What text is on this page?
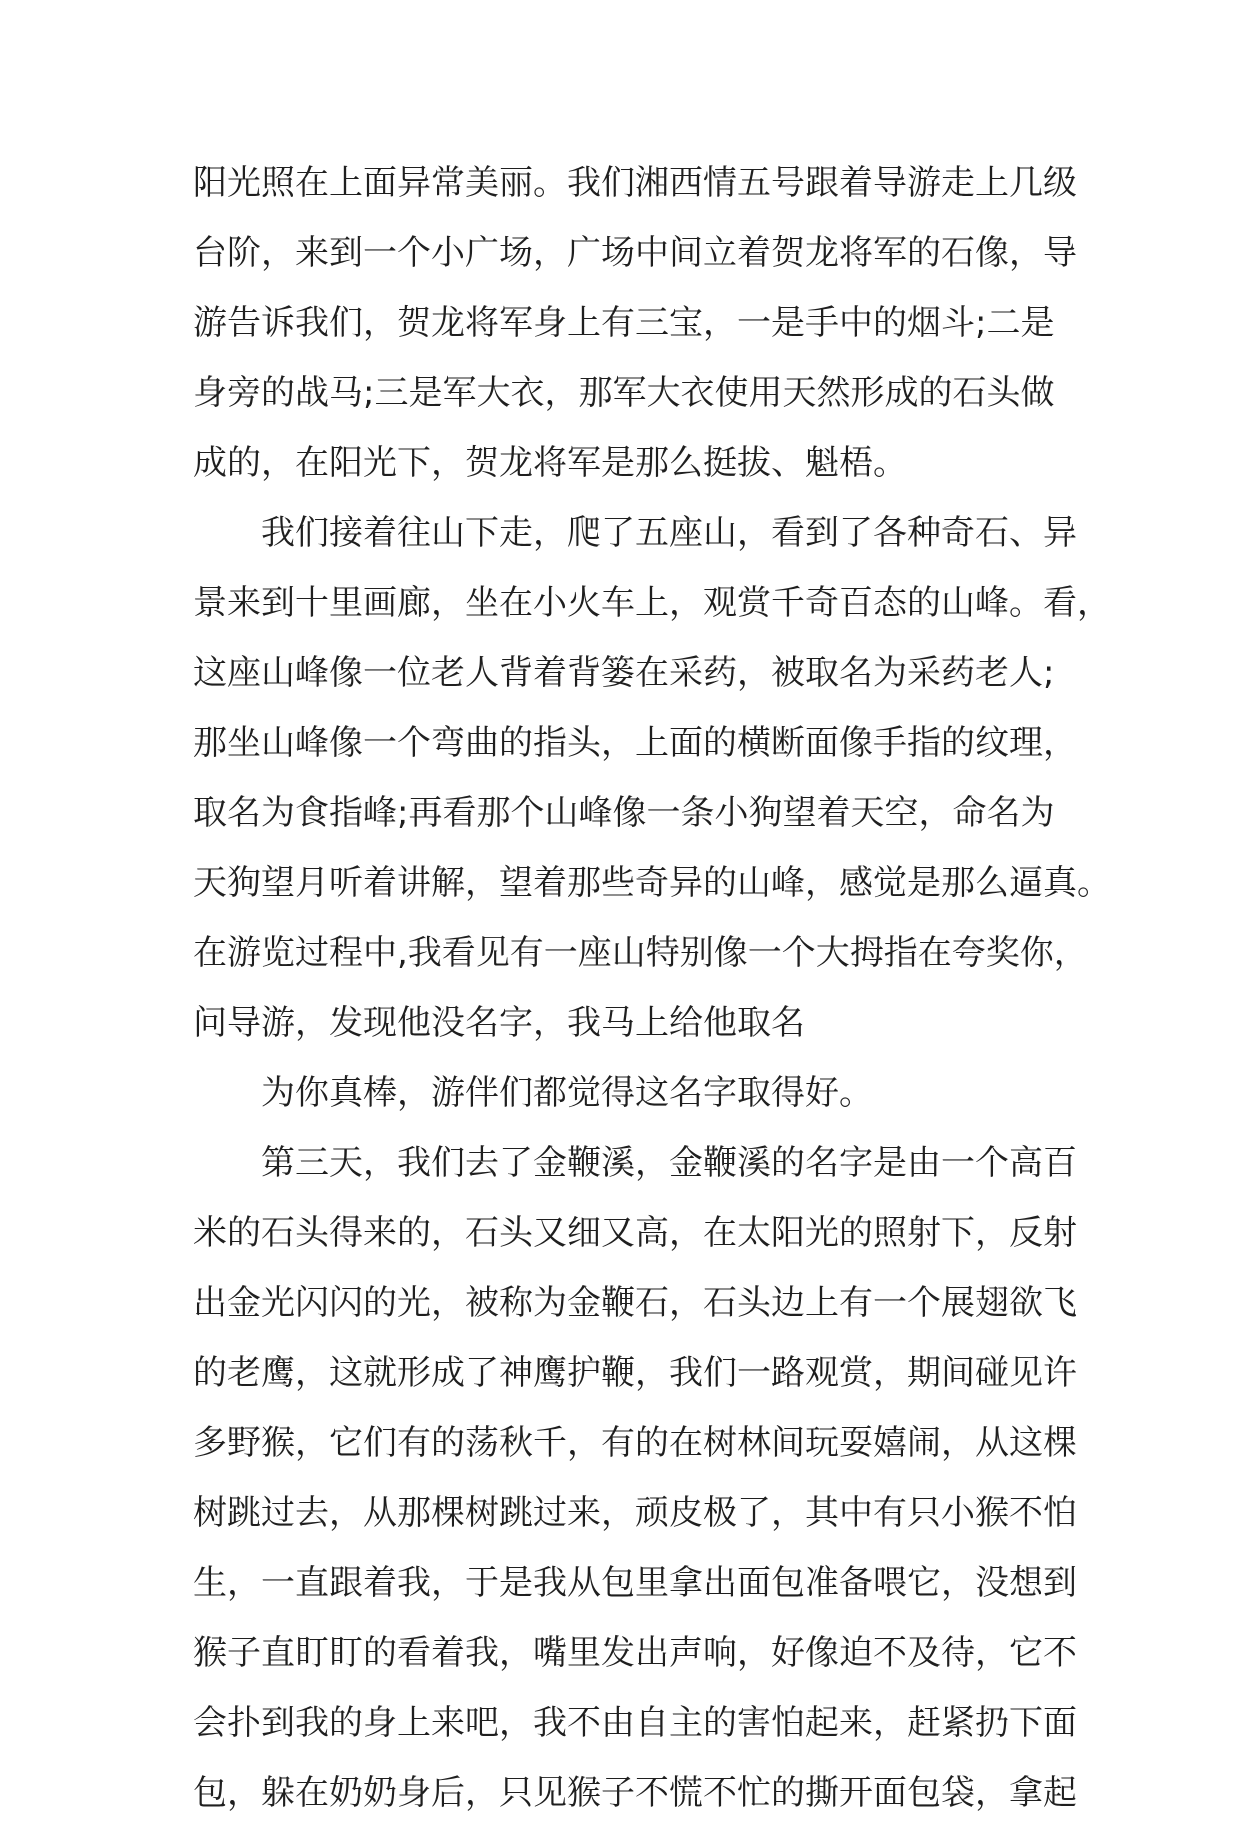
阳光照在上面异常美丽。我们湘西情五号跟着导游走上几级
台阶，来到一个小广场，广场中间立着贺龙将军的石像，导
游告诉我们，贺龙将军身上有三宝，一是手中的烟斗;二是
身旁的战马;三是军大衣，那军大衣使用天然形成的石头做
成的，在阳光下，贺龙将军是那么挺拔、魁梧。
我们接着往山下走，爬了五座山，看到了各种奇石、异
景来到十里画廊，坐在小火车上，观赏千奇百态的山峰。看，
这座山峰像一位老人背着背篓在采药，被取名为采药老人;
那坐山峰像一个弯曲的指头，上面的横断面像手指的纹理，
取名为食指峰;再看那个山峰像一条小狗望着天空，命名为
天狗望月听着讲解，望着那些奇异的山峰，感觉是那么逼真。
在游览过程中,我看见有一座山特别像一个大拇指在夸奖你，
问导游，发现他没名字，我马上给他取名
为你真棒，游伴们都觉得这名字取得好。
第三天，我们去了金鞭溪，金鞭溪的名字是由一个高百
米的石头得来的，石头又细又高，在太阳光的照射下，反射
出金光闪闪的光，被称为金鞭石，石头边上有一个展翅欲飞
的老鹰，这就形成了神鹰护鞭，我们一路观赏，期间碰见许
多野猴，它们有的荡秋千，有的在树林间玩耍嬉闹，从这棵
树跳过去，从那棵树跳过来，顽皮极了，其中有只小猴不怕
生，一直跟着我，于是我从包里拿出面包准备喂它，没想到
猴子直盯盯的看着我，嘴里发出声响，好像迫不及待，它不
会扑到我的身上来吧，我不由自主的害怕起来，赶紧扔下面
包，躲在奶奶身后，只见猴子不慌不忙的撕开面包袋，拿起
